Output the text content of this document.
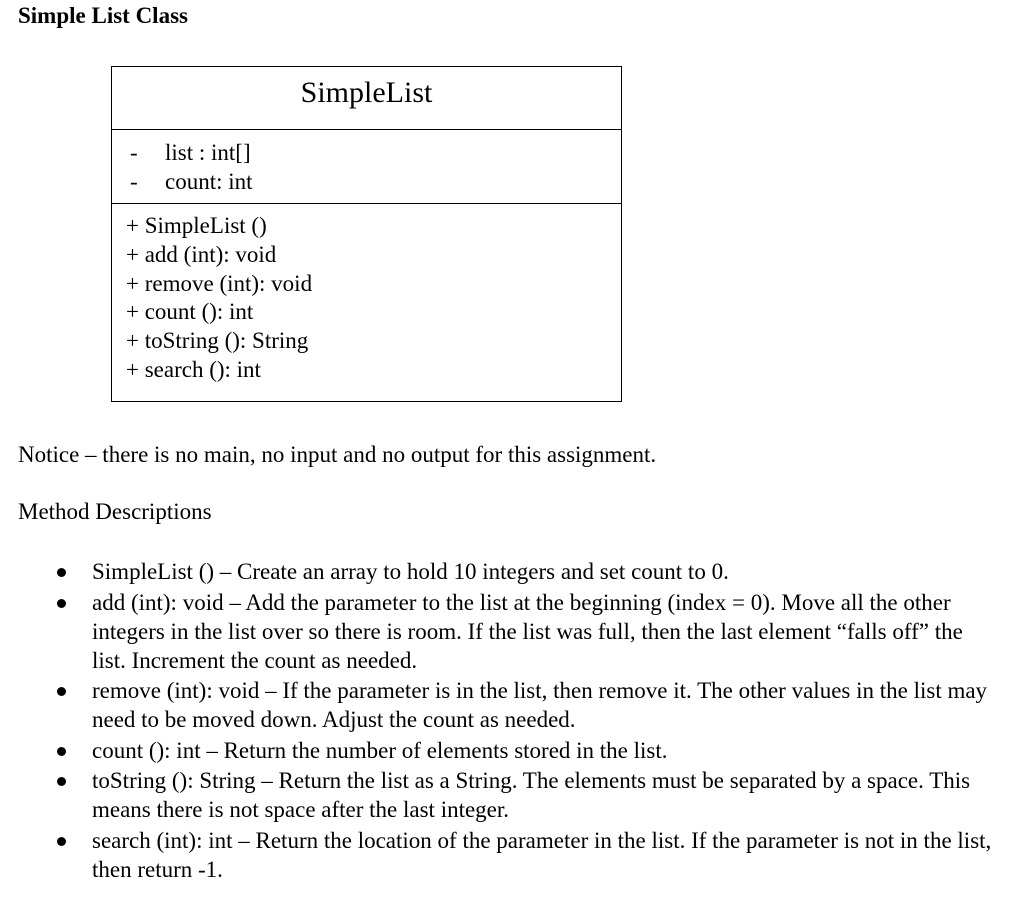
Simple List Class
SimpleList
- list : int[]
- count: int
+ SimpleList ()
+ add (int): void
+ remove (int): void
+ count (): int
+ toString (): String
+ search (): int

Notice – there is no main, no input and no output for this assignment.

Method Descriptions

SimpleList () – Create an array to hold 10 integers and set count to 0.
add (int): void – Add the parameter to the list at the beginning (index = 0). Move all the other integers in the list over so there is room. If the list was full, then the last element “falls off” the list. Increment the count as needed.
remove (int): void – If the parameter is in the list, then remove it. The other values in the list may need to be moved down. Adjust the count as needed.
count (): int – Return the number of elements stored in the list.
toString (): String – Return the list as a String. The elements must be separated by a space. This means there is not space after the last integer.
search (int): int – Return the location of the parameter in the list. If the parameter is not in the list, then return -1.
